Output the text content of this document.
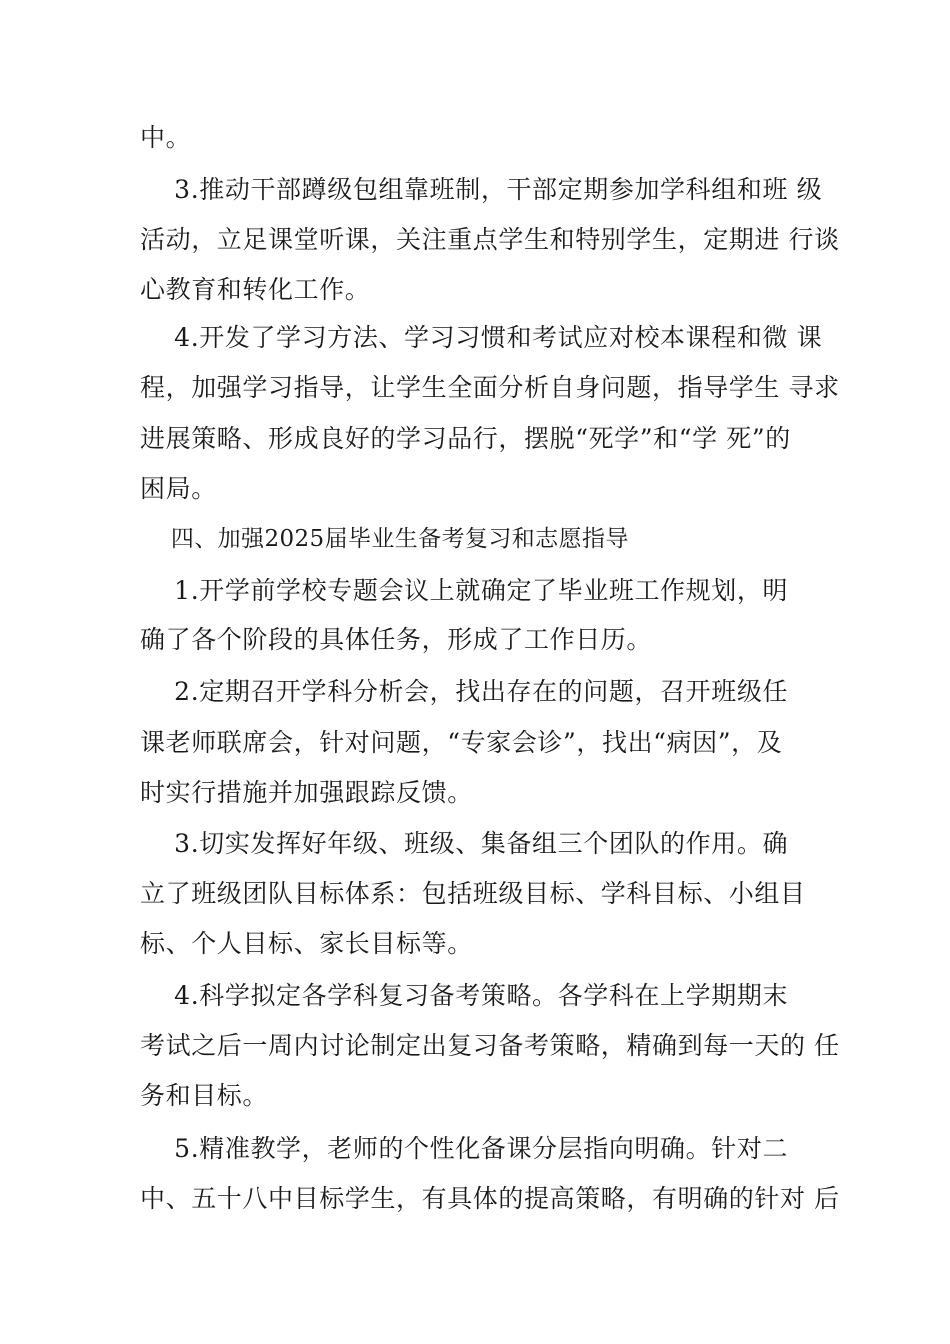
中。
3.推动干部蹲级包组靠班制，干部定期参加学科组和班 级
活动，立足课堂听课，关注重点学生和特别学生，定期进 行谈
心教育和转化工作。
4.开发了学习方法、学习习惯和考试应对校本课程和微 课
程，加强学习指导，让学生全面分析自身问题，指导学生 寻求
进展策略、形成良好的学习品行，摆脱“死学”和“学 死”的
困局。
四、加强2025届毕业生备考复习和志愿指导
1.开学前学校专题会议上就确定了毕业班工作规划，明
确了各个阶段的具体任务，形成了工作日历。
2.定期召开学科分析会，找出存在的问题，召开班级任
课老师联席会，针对问题，“专家会诊”，找出“病因”，及
时实行措施并加强跟踪反馈。
3.切实发挥好年级、班级、集备组三个团队的作用。确
立了班级团队目标体系：包括班级目标、学科目标、小组目
标、个人目标、家长目标等。
4.科学拟定各学科复习备考策略。各学科在上学期期末
考试之后一周内讨论制定出复习备考策略，精确到每一天的 任
务和目标。
5.精准教学，老师的个性化备课分层指向明确。针对二
中、五十八中目标学生，有具体的提高策略，有明确的针对 后
